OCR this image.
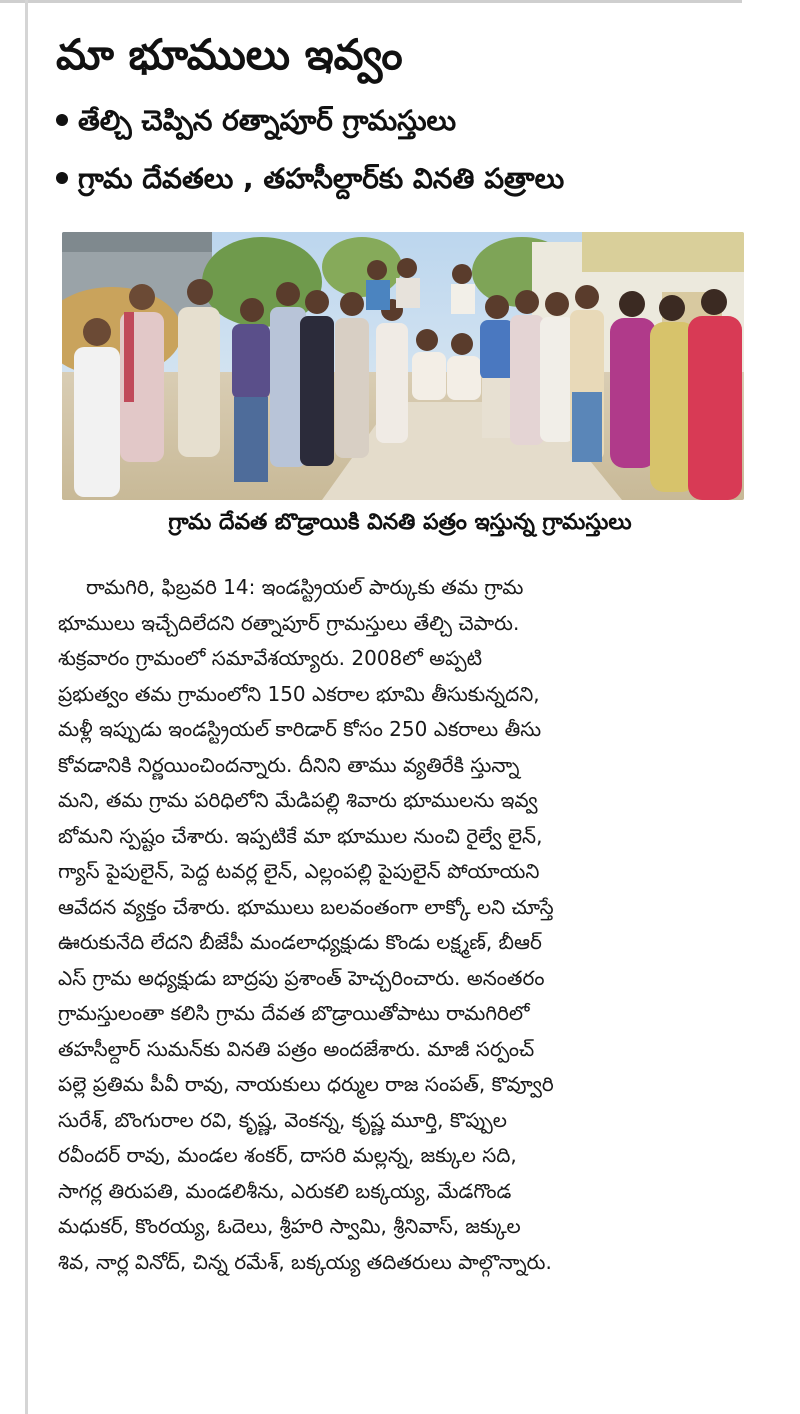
మా భూములు ఇవ్వం
తేల్చి చెప్పిన రత్నాపూర్ గ్రామస్తులు
గ్రామ దేవతలు , తహసీల్దార్‌కు వినతి పత్రాలు
గ్రామ దేవత బొడ్రాయికి వినతి పత్రం ఇస్తున్న గ్రామస్తులు
రామగిరి, ఫిబ్రవరి 14: ఇండస్ట్రియల్ పార్కుకు తమ గ్రామ
భూములు ఇచ్చేదిలేదని రత్నాపూర్ గ్రామస్తులు తేల్చి చెపారు.
శుక్రవారం గ్రామంలో సమావేశయ్యారు. 2008లో అప్పటి
ప్రభుత్వం తమ గ్రామంలోని 150 ఎకరాల భూమి తీసుకున్నదని,
మళ్లీ ఇప్పుడు ఇండస్ట్రియల్ కారిడార్ కోసం 250 ఎకరాలు తీసు
కోవడానికి నిర్ణయించిందన్నారు. దీనిని తాము వ్యతిరేకి స్తున్నా
మని, తమ గ్రామ పరిధిలోని మేడిపల్లి శివారు భూములను ఇవ్వ
బోమని స్పష్టం చేశారు. ఇప్పటికే మా భూముల నుంచి రైల్వే లైన్,
గ్యాస్ పైపులైన్, పెద్ద టవర్ల లైన్, ఎల్లంపల్లి పైపులైన్ పోయాయని
ఆవేదన వ్యక్తం చేశారు. భూములు బలవంతంగా లాక్కో లని చూస్తే
ఊరుకునేది లేదని బీజేపీ మండలాధ్యక్షుడు కొండు లక్ష్మణ్, బీఆర్
ఎస్ గ్రామ అధ్యక్షుడు బాద్రపు ప్రశాంత్ హెచ్చరించారు. అనంతరం
గ్రామస్తులంతా కలిసి గ్రామ దేవత బొడ్రాయితోపాటు రామగిరిలో
తహసీల్దార్ సుమన్‌కు వినతి పత్రం అందజేశారు. మాజీ సర్పంచ్
పల్లె ప్రతిమ పీవీ రావు, నాయకులు ధర్ముల రాజ సంపత్, కొవ్వూరి
సురేశ్, బొంగురాల రవి, కృష్ణ, వెంకన్న, కృష్ణ మూర్తి, కొప్పుల
రవీందర్ రావు, మండల శంకర్, దాసరి మల్లన్న, జక్కుల సది,
సాగర్ల తిరుపతి, మండలిశీను, ఎరుకలి బక్కయ్య, మేడగొండ
మధుకర్, కొంరయ్య, ఓదెలు, శ్రీహరి స్వామి, శ్రీనివాస్, జక్కుల
శివ, నార్ల వినోద్, చిన్న రమేశ్, బక్కయ్య తదితరులు పాల్గొన్నారు.
